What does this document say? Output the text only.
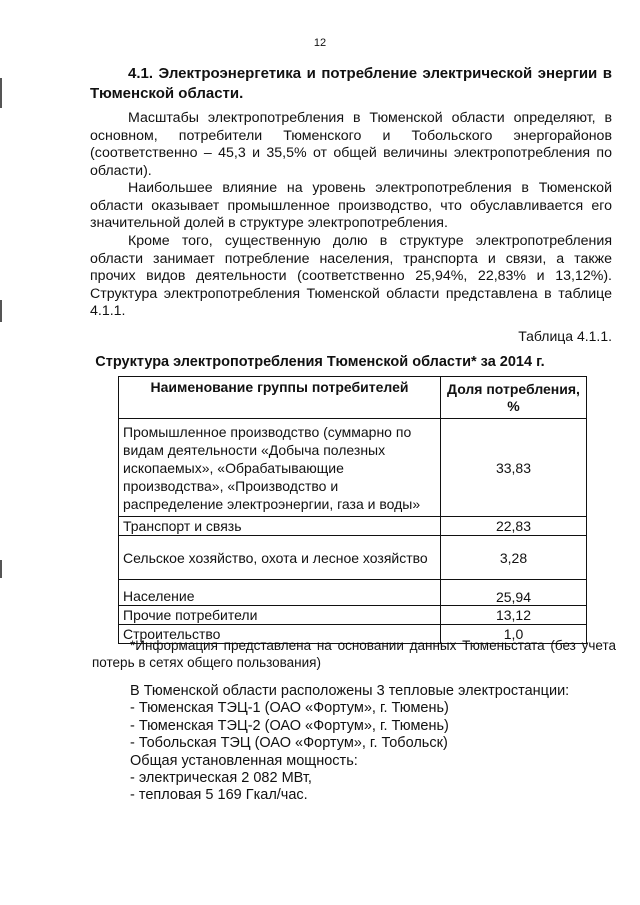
12
4.1. Электроэнергетика и потребление электрической энергии в
Тюменской области.

Масштабы электропотребления в Тюменской области определяют, в основном, потребители Тюменского и Тобольского энергорайонов (соответственно – 45,3 и 35,5% от общей величины электропотребления по области).

Наибольшее влияние на уровень электропотребления в Тюменской области оказывает промышленное производство, что обуславливается его значительной долей в структуре электропотребления.

Кроме того, существенную долю в структуре электропотребления области занимает потребление населения, транспорта и связи, а также прочих видов деятельности (соответственно 25,94%, 22,83% и 13,12%). Структура электропотребления Тюменской области представлена в таблице 4.1.1.

Таблица 4.1.1.
Структура электропотребления Тюменской области* за 2014 г.
Наименование группы потребителей	Доля потребления, %
Промышленное производство (суммарно по видам деятельности «Добыча полезных ископаемых», «Обрабатывающие производства», «Производство и распределение электроэнергии, газа и воды»	33,83
Транспорт и связь	22,83
Сельское хозяйство, охота и лесное хозяйство	3,28
Население	25,94
Прочие потребители	13,12
Строительство	1,0
*Информация представлена на основании данных Тюменьстата (без учета потерь в сетях общего пользования)
В Тюменской области расположены 3 тепловые электростанции:
- Тюменская ТЭЦ-1 (ОАО «Фортум», г. Тюмень)
- Тюменская ТЭЦ-2 (ОАО «Фортум», г. Тюмень)
- Тобольская ТЭЦ (ОАО «Фортум», г. Тобольск)
Общая установленная мощность:
- электрическая 2 082 МВт,
- тепловая 5 169 Гкал/час.
